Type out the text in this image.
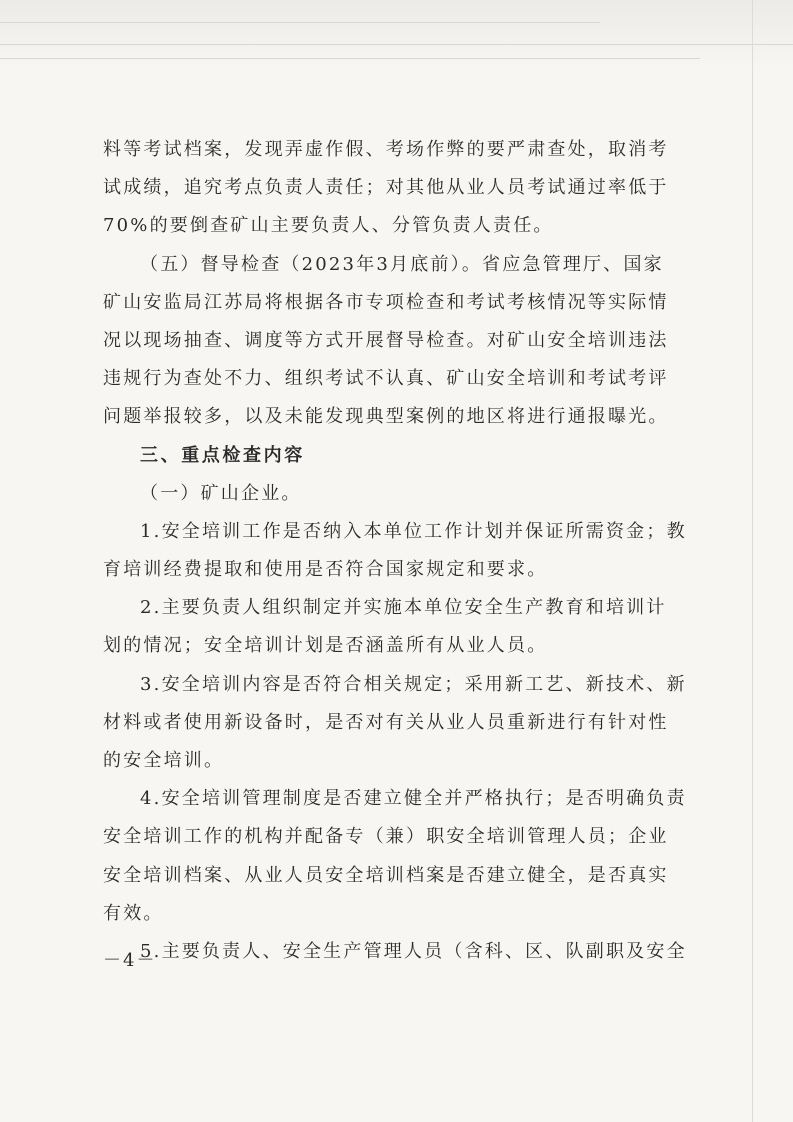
料等考试档案，发现弄虚作假、考场作弊的要严肃查处，取消考
试成绩，追究考点负责人责任；对其他从业人员考试通过率低于
70%的要倒查矿山主要负责人、分管负责人责任。
（五）督导检查（2023年3月底前）。省应急管理厅、国家
矿山安监局江苏局将根据各市专项检查和考试考核情况等实际情
况以现场抽查、调度等方式开展督导检查。对矿山安全培训违法
违规行为查处不力、组织考试不认真、矿山安全培训和考试考评
问题举报较多，以及未能发现典型案例的地区将进行通报曝光。
三、重点检查内容
（一）矿山企业。
1.安全培训工作是否纳入本单位工作计划并保证所需资金；教
育培训经费提取和使用是否符合国家规定和要求。
2.主要负责人组织制定并实施本单位安全生产教育和培训计
划的情况；安全培训计划是否涵盖所有从业人员。
3.安全培训内容是否符合相关规定；采用新工艺、新技术、新
材料或者使用新设备时，是否对有关从业人员重新进行有针对性
的安全培训。
4.安全培训管理制度是否建立健全并严格执行；是否明确负责
安全培训工作的机构并配备专（兼）职安全培训管理人员；企业
安全培训档案、从业人员安全培训档案是否建立健全，是否真实
有效。
5.主要负责人、安全生产管理人员（含科、区、队副职及安全
－4－
